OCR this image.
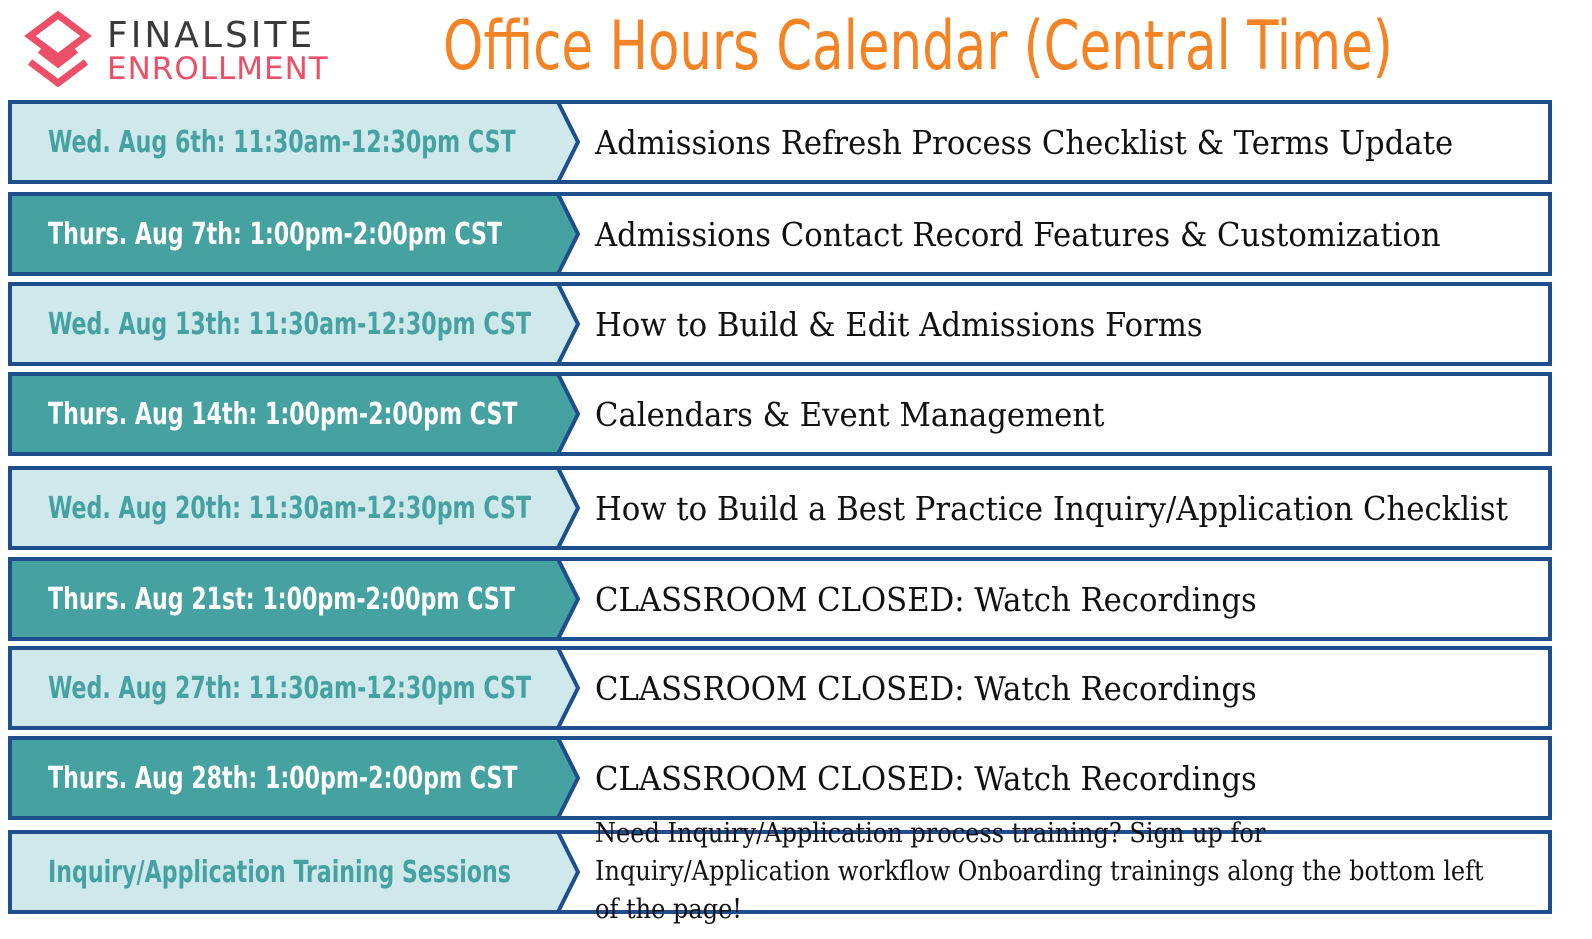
FINALSITE
ENROLLMENT Office Hours Calendar (Central Time)
Wed. Aug 6th: 11:30am-12:30pm CST Admissions Refresh Process Checklist & Terms Update
Thurs. Aug 7th: 1:00pm-2:00pm CST	Admissions Contact Record Features & Customization
Wed. Aug 13th: 11:30am-12:30pm CST How to Build & Edit Admissions Forms
Thurs. Aug 14th: 1:00pm-2:00pm CST Calendars & Event Management
Wed. Aug 20th: 11:30am-12:30pm CST How to Build a Best Practice Inquiry/Application Checklist
Thurs. Aug 21st: 1:00pm-2:00pm CST CLASSROOM CLOSED: Watch Recordings
Wed. Aug 27th: 11:30am-12:30pm CST CLASSROOM CLOSED: Watch Recordings
Thurs. Aug 28th: 1:00pm-2:00pm CST CLASSROOM CLOSED: Watch Recordings
Inquiry/Application Training Sessions
Need Inquiry/Application process training? Sign up for Inquiry/Application workflow Onboarding trainings along the bottom left of the page!
